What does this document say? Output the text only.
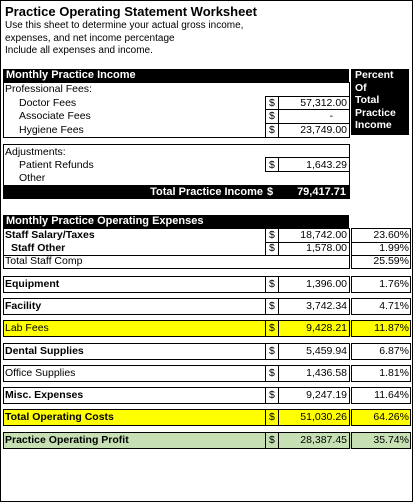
Practice Operating Statement Worksheet
Use this sheet to determine your actual gross income,
expenses, and net income percentage
Include all expenses and income.
Monthly Practice Income	Percent
Of
Total
Practice
Income
Professional Fees:
Doctor Fees	$	57,312.00
Associate Fees	$	-
Hygiene Fees	$	23,749.00
Adjustments:
Patient Refunds	$	1,643.29
Other
Total Practice Income $	79,417.71
Monthly Practice Operating Expenses
Staff Salary/Taxes	$	18,742.00	23.60%
Staff Other	$	1,578.00	1.99%
Total Staff Comp	25.59%
Equipment	$	1,396.00	1.76%
Facility	$	3,742.34	4.71%
Lab Fees	$	9,428.21	11.87%
Dental Supplies	$	5,459.94	6.87%
Office Supplies	$	1,436.58	1.81%
Misc. Expenses	$	9,247.19	11.64%
Total Operating Costs	$	51,030.26	64.26%
Practice Operating Profit	$	28,387.45	35.74%
